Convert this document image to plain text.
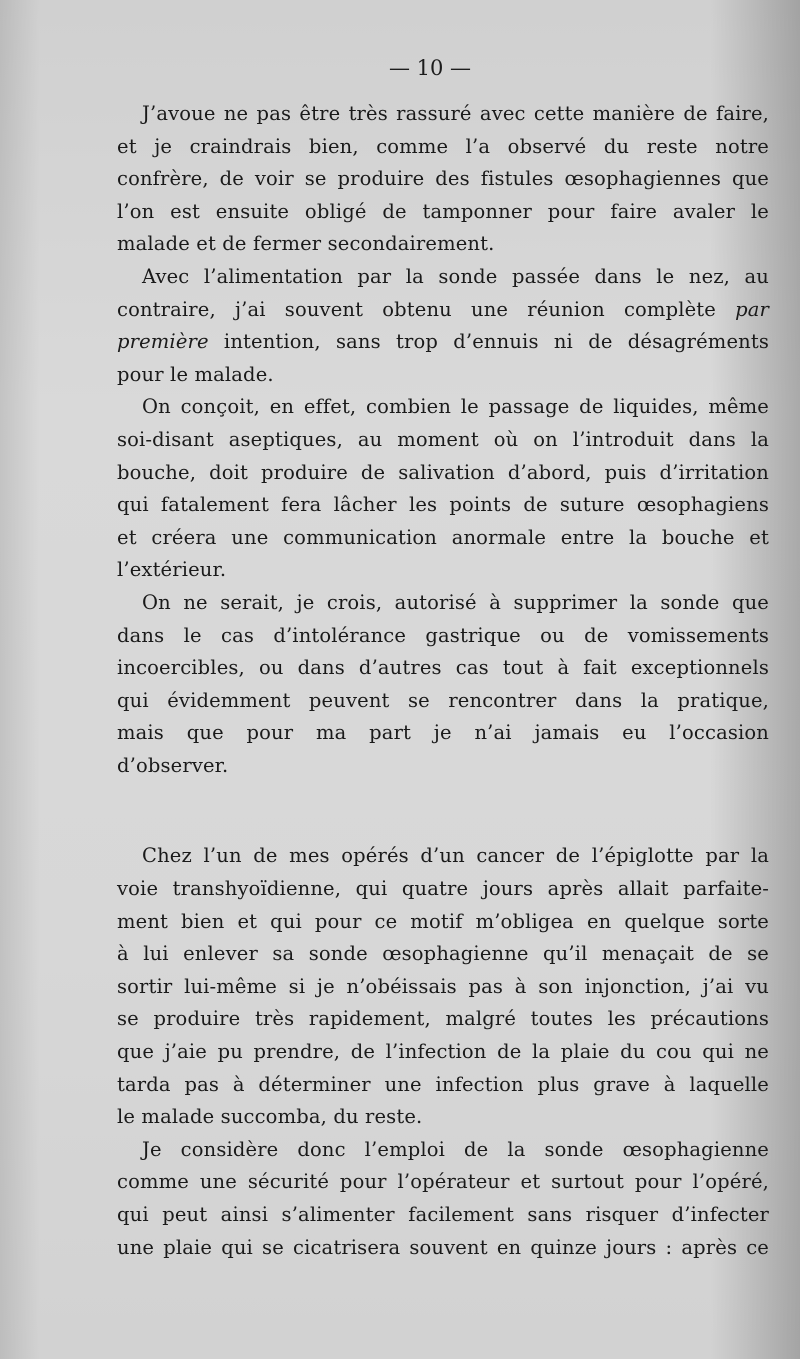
— 10 —
J’avoue ne pas être très rassuré avec cette manière de faire,
et je craindrais bien, comme l’a observé du reste notre
confrère, de voir se produire des fistules œsophagiennes que
l’on est ensuite obligé de tamponner pour faire avaler le
malade et de fermer secondairement.
Avec l’alimentation par la sonde passée dans le nez, au
contraire, j’ai souvent obtenu une réunion complète par
première intention, sans trop d’ennuis ni de désagréments
pour le malade.
On conçoit, en effet, combien le passage de liquides, même
soi-disant aseptiques, au moment où on l’introduit dans la
bouche, doit produire de salivation d’abord, puis d’irritation
qui fatalement fera lâcher les points de suture œsophagiens
et créera une communication anormale entre la bouche et
l’extérieur.
On ne serait, je crois, autorisé à supprimer la sonde que
dans le cas d’intolérance gastrique ou de vomissements
incoercibles, ou dans d’autres cas tout à fait exceptionnels
qui évidemment peuvent se rencontrer dans la pratique,
mais que pour ma part je n’ai jamais eu l’occasion
d’observer.
Chez l’un de mes opérés d’un cancer de l’épiglotte par la
voie transhyoïdienne, qui quatre jours après allait parfaite-
ment bien et qui pour ce motif m’obligea en quelque sorte
à lui enlever sa sonde œsophagienne qu’il menaçait de se
sortir lui-même si je n’obéissais pas à son injonction, j’ai vu
se produire très rapidement, malgré toutes les précautions
que j’aie pu prendre, de l’infection de la plaie du cou qui ne
tarda pas à déterminer une infection plus grave à laquelle
le malade succomba, du reste.
Je considère donc l’emploi de la sonde œsophagienne
comme une sécurité pour l’opérateur et surtout pour l’opéré,
qui peut ainsi s’alimenter facilement sans risquer d’infecter
une plaie qui se cicatrisera souvent en quinze jours : après ce
